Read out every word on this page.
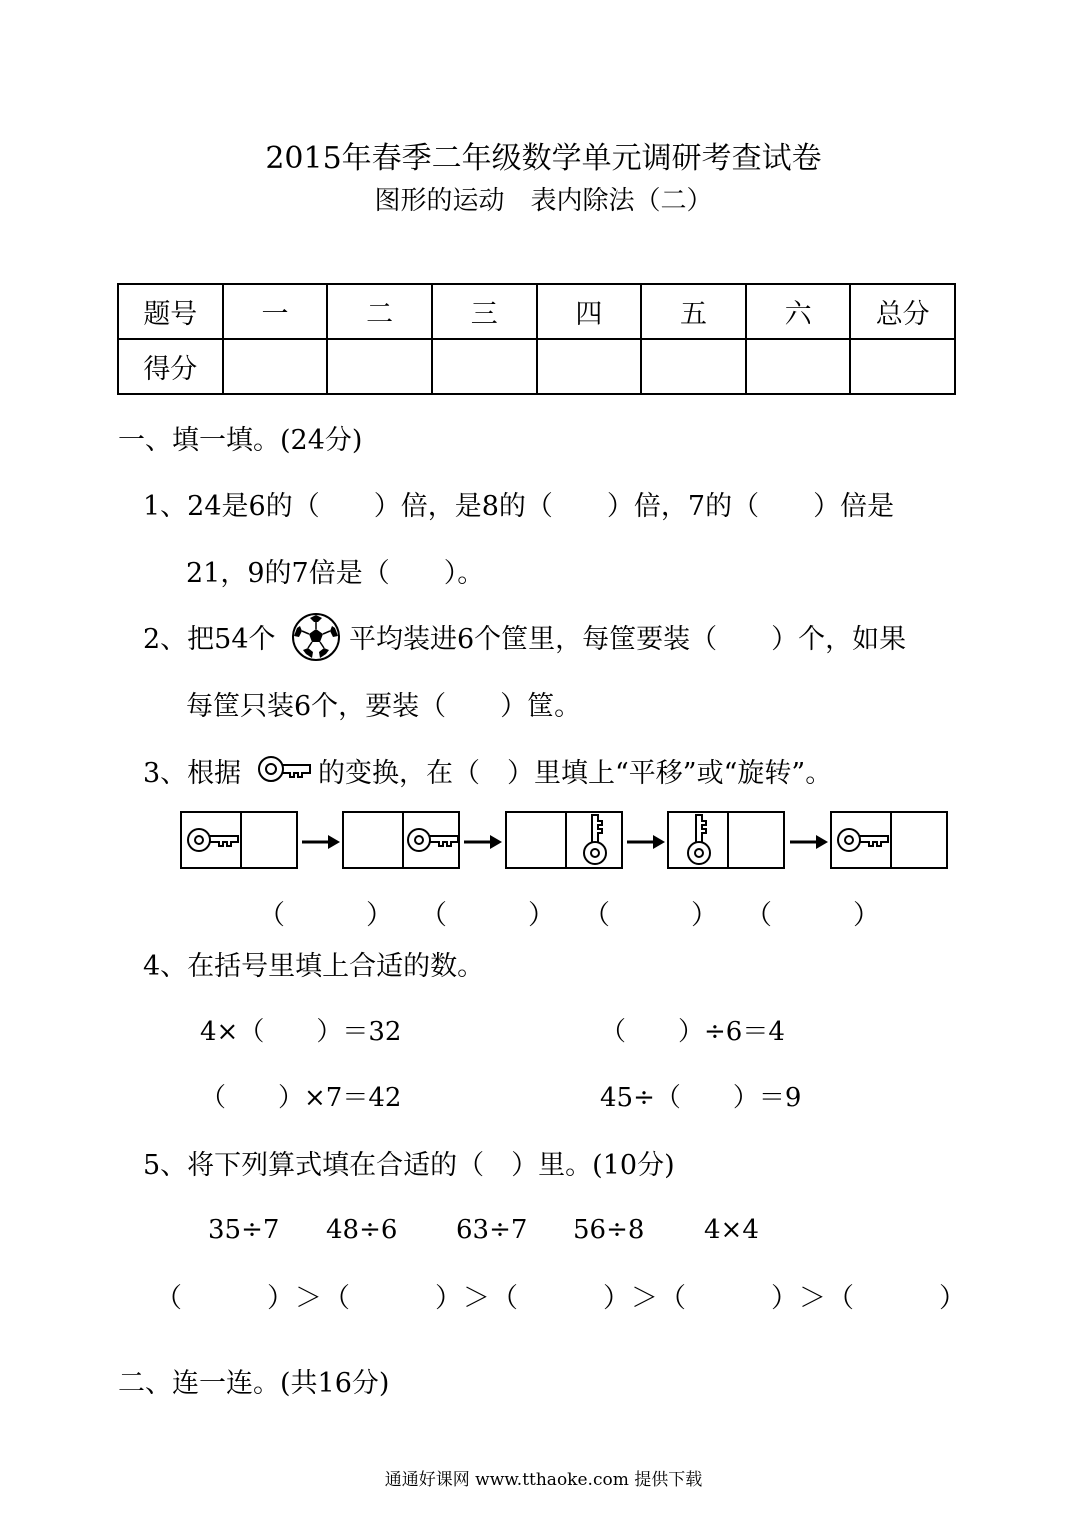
2015年春季二年级数学单元调研考查试卷
图形的运动　表内除法（二）
题号	一	二	三	四	五	六	总分
得分							
一、填一填。(24分)
1、24是6的（　　）倍，是8的（　　）倍，7的（　　）倍是
21，9的7倍是（　　）。
2、把54个	平均装进6个筐里，每筐要装（　　）个，如果
每筐只装6个，要装（　　）筐。
3、根据	的变换，在（　）里填上“平移”或“旋转”。
（　　　） （　　　） （　　　） （　　　）
4、在括号里填上合适的数。
4×（　　）＝32	（　　）÷6＝4
（　　）×7＝42	45÷（　　）＝9
5、将下列算式填在合适的（　）里。(10分)
35÷7 48÷6 63÷7 56÷8 4×4
（　　　）＞（　　　）＞（　　　）＞（　　　）＞（　　　）
二、连一连。(共16分)
通通好课网 www.tthaoke.com 提供下载
